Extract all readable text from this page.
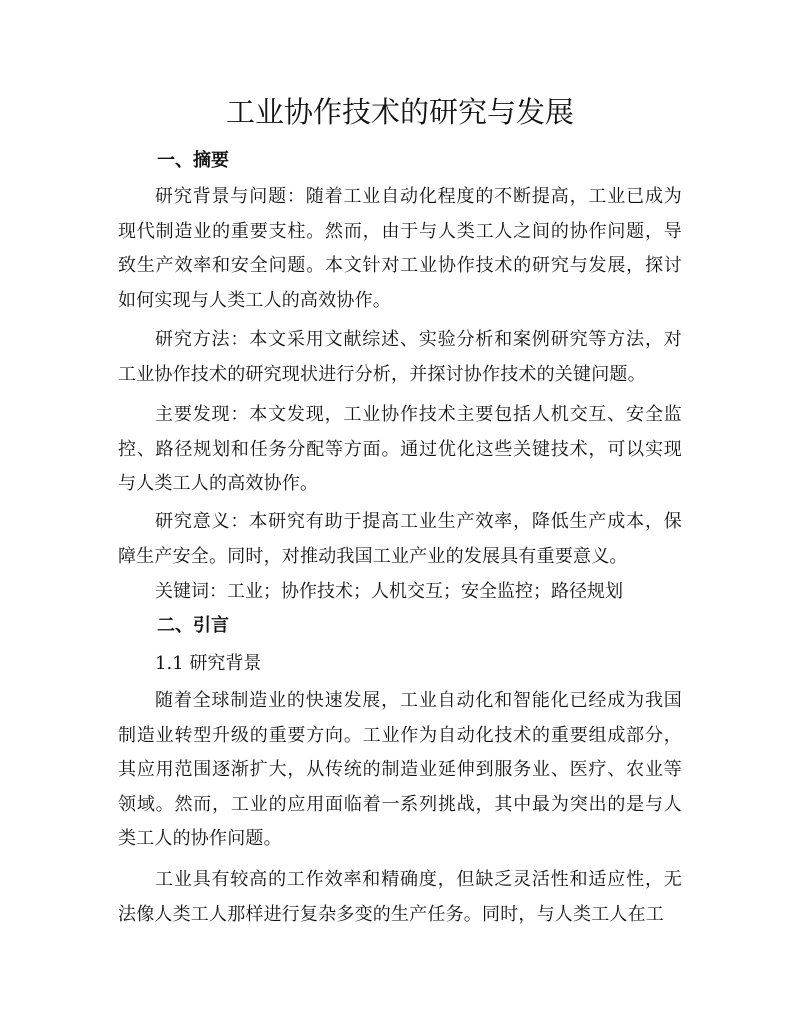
工业协作技术的研究与发展
一、摘要

研究背景与问题：随着工业自动化程度的不断提高，工业已成为现代制造业的重要支柱。然而，由于与人类工人之间的协作问题，导致生产效率和安全问题。本文针对工业协作技术的研究与发展，探讨如何实现与人类工人的高效协作。

研究方法：本文采用文献综述、实验分析和案例研究等方法，对工业协作技术的研究现状进行分析，并探讨协作技术的关键问题。

主要发现：本文发现，工业协作技术主要包括人机交互、安全监控、路径规划和任务分配等方面。通过优化这些关键技术，可以实现与人类工人的高效协作。

研究意义：本研究有助于提高工业生产效率，降低生产成本，保障生产安全。同时，对推动我国工业产业的发展具有重要意义。

关键词：工业；协作技术；人机交互；安全监控；路径规划

二、引言

1.1 研究背景

随着全球制造业的快速发展，工业自动化和智能化已经成为我国制造业转型升级的重要方向。工业作为自动化技术的重要组成部分，其应用范围逐渐扩大，从传统的制造业延伸到服务业、医疗、农业等领域。然而，工业的应用面临着一系列挑战，其中最为突出的是与人类工人的协作问题。

工业具有较高的工作效率和精确度，但缺乏灵活性和适应性，无法像人类工人那样进行复杂多变的生产任务。同时，与人类工人在工
